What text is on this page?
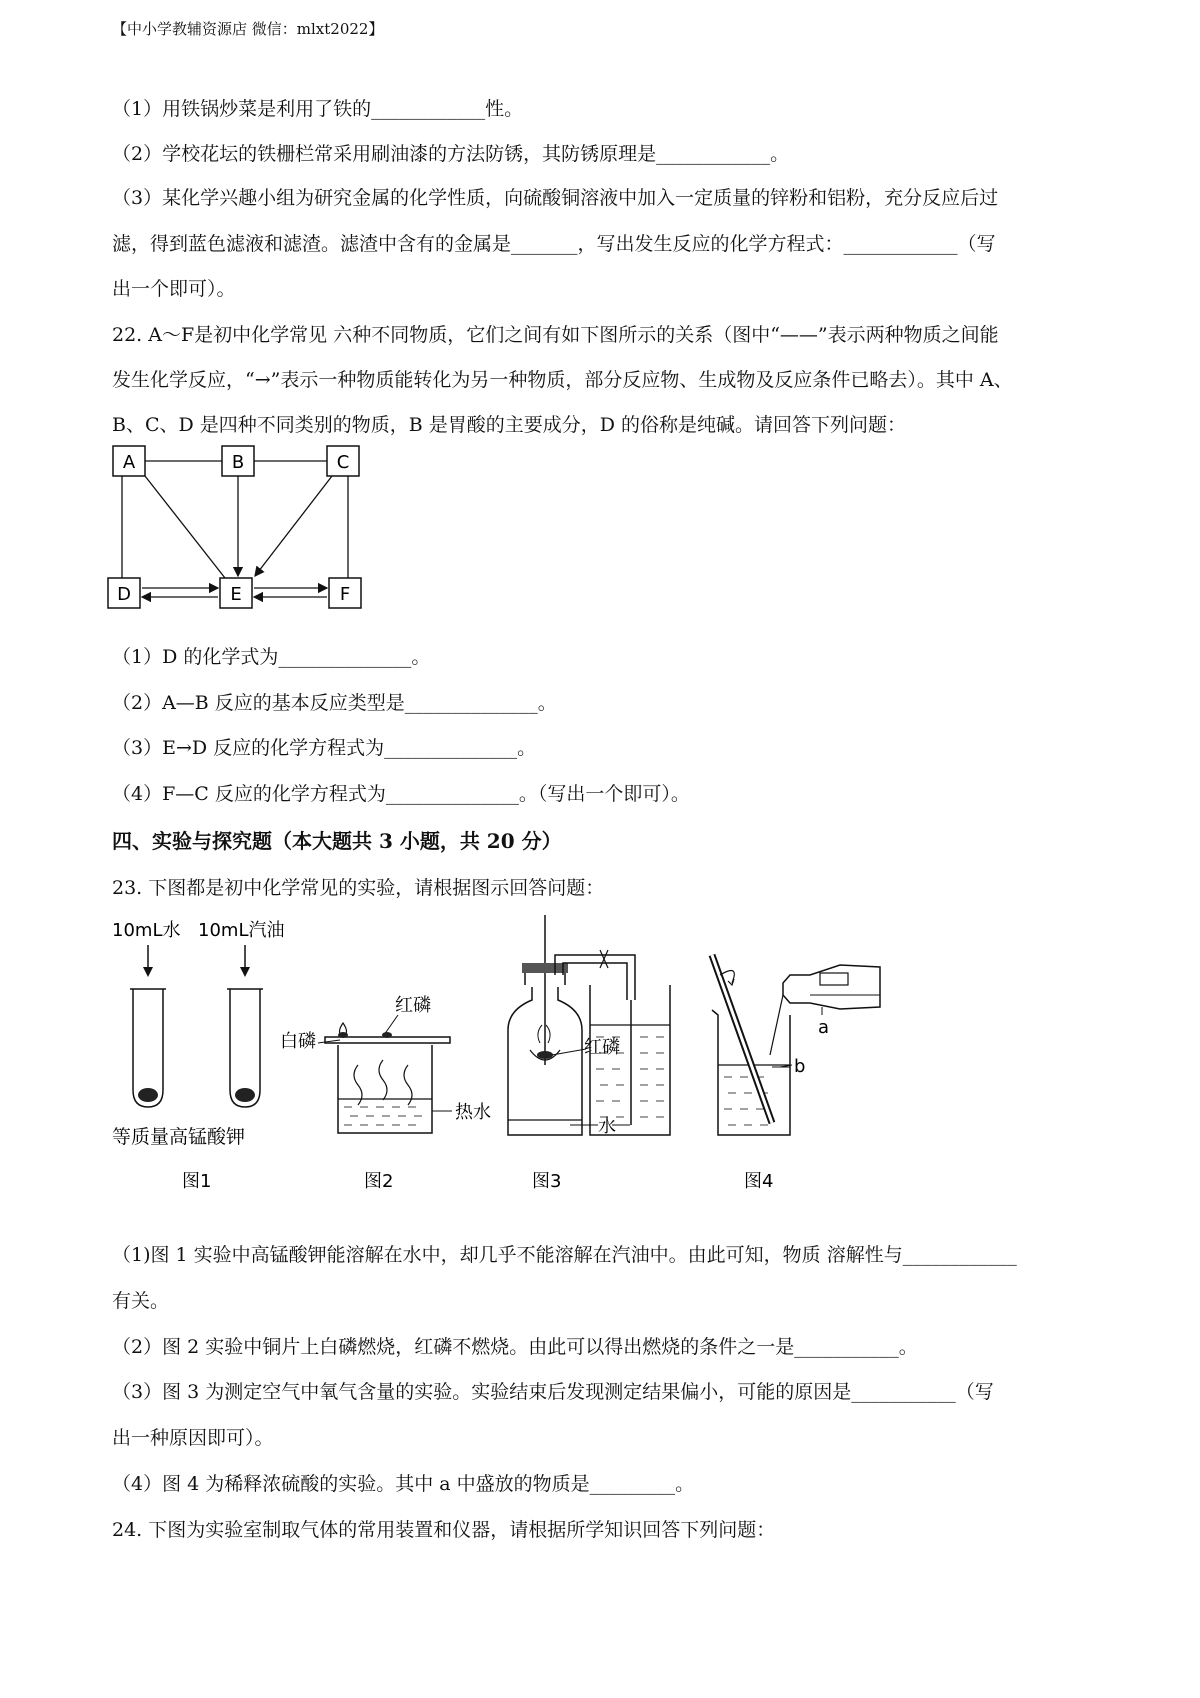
【中小学教辅资源店 微信：mlxt2022】
（1）用铁锅炒菜是利用了铁的____________性。
（2）学校花坛的铁栅栏常采用刷油漆的方法防锈，其防锈原理是____________。
（3）某化学兴趣小组为研究金属的化学性质，向硫酸铜溶液中加入一定质量的锌粉和铝粉，充分反应后过
滤，得到蓝色滤液和滤渣。滤渣中含有的金属是_______，写出发生反应的化学方程式：____________（写
出一个即可）。
22. A～F是初中化学常见 六种不同物质，它们之间有如下图所示的关系（图中“——”表示两种物质之间能
发生化学反应，“→”表示一种物质能转化为另一种物质，部分反应物、生成物及反应条件已略去）。其中 A、
B、C、D 是四种不同类别的物质，B 是胃酸的主要成分，D 的俗称是纯碱。请回答下列问题：
A	B	C
D	E	F
（1）D 的化学式为______________。
（2）A—B 反应的基本反应类型是______________。
（3）E→D 反应的化学方程式为______________。
（4）F—C 反应的化学方程式为______________。（写出一个即可）。
四、实验与探究题（本大题共 3 小题，共 20 分）
23. 下图都是初中化学常见的实验，请根据图示回答问题：
10mL水 10mL汽油
等质量高锰酸钾
图1
白磷
红磷
热水
图2
红磷
水
图3
a
b
图4
（1)图 1 实验中高锰酸钾能溶解在水中，却几乎不能溶解在汽油中。由此可知，物质 溶解性与____________
有关。
（2）图 2 实验中铜片上白磷燃烧，红磷不燃烧。由此可以得出燃烧的条件之一是___________。
（3）图 3 为测定空气中氧气含量的实验。实验结束后发现测定结果偏小，可能的原因是___________（写
出一种原因即可）。
（4）图 4 为稀释浓硫酸的实验。其中 a 中盛放的物质是_________。
24. 下图为实验室制取气体的常用装置和仪器，请根据所学知识回答下列问题：
